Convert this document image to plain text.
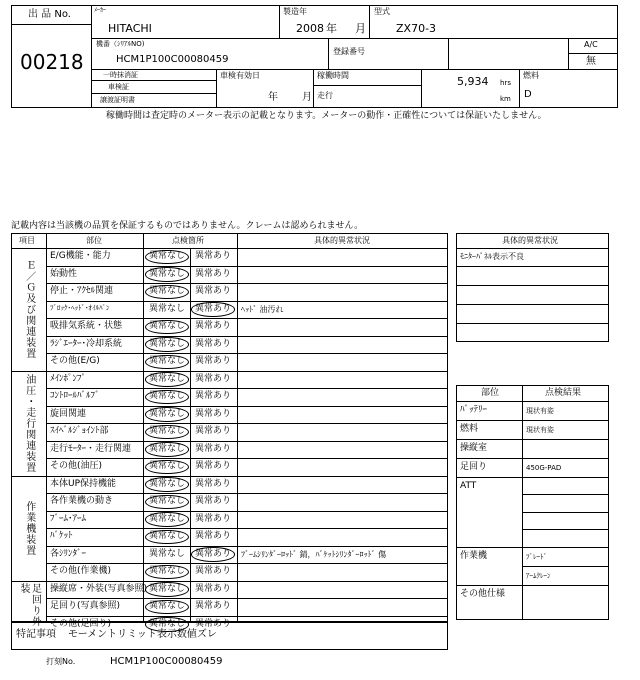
出 品 No.
00218
ﾒｰｶｰ
HITACHI
製造年
2008 年 月
型式
ZX70-3
機番（ｼﾘｱﾙNO)
HCM1P100C00080459
登録番号
A/C
無
一時抹消証
車検証
譲渡証明書
車検有効日
年 月
稼働時間	5,934 hrs
走行	km
燃料
D
稼働時間は査定時のメーター表示の記載となります。メーターの動作・正確性については保証いたしません。
記載内容は当該機の品質を保証するものではありません。クレームは認められません。
項目	部位	点検箇所	具体的異常状況
E/G機能・能力	異常なし 異常あり
始動性	異常なし 異常あり
停止・ｱｸｾﾙ関連	異常なし 異常あり
ﾌﾞﾛｯｸ･ﾍｯﾄﾞ･ｵｲﾙﾊﾟﾝ	異常なし 異常あり ﾍｯﾄﾞ 油汚れ
吸排気系統・状態	異常なし 異常あり
ﾗｼﾞｴｰﾀｰ･冷却系統	異常なし 異常あり
その他(E/G)	異常なし 異常あり
Ｅ／Ｇ及び関連装置
ﾒｲﾝﾎﾟﾝﾌﾟ	異常なし 異常あり
ｺﾝﾄﾛｰﾙﾊﾞﾙﾌﾞ	異常なし 異常あり
旋回関連	異常なし 異常あり
ｽｲﾍﾞﾙｼﾞｮｲﾝﾄ部	異常なし 異常あり
走行ﾓｰﾀｰ・走行関連 異常なし 異常あり
その他(油圧)	異常なし 異常あり
油圧・走行関連装置
本体UP保持機能	異常なし 異常あり
各作業機の動き	異常なし 異常あり
ﾌﾞｰﾑ･ｱｰﾑ	異常なし 異常あり
ﾊﾞｹｯﾄ	異常なし 異常あり
各ｼﾘﾝﾀﾞｰ	異常なし 異常あり ﾌﾞｰﾑｼﾘﾝﾀﾞｰﾛｯﾄﾞ 錆，ﾊﾞｹｯﾄｼﾘﾝﾀﾞｰﾛｯﾄﾞ 傷
その他(作業機)	異常なし 異常あり
作業機装置
操縦席・外装(写真参照) 異常なし 異常あり
足回り(写真参照)	異常なし 異常あり
その他(足回り)	異常なし 異常あり
足回り外装
特記事項 モーメントリミット表示数値ズレ
打刻No.	HCM1P100C00080459
具体的異常状況
ﾓﾆﾀｰﾊﾟﾈﾙ表示不良
部位	点検結果
ﾊﾞｯﾃﾘｰ	現状有姿
燃料	現状有姿
操縦室
足回り	450G-PAD
ATT
作業機	ﾌﾞﾚｰﾄﾞ
ｱｰﾑｸﾚｰﾝ
その他仕様
